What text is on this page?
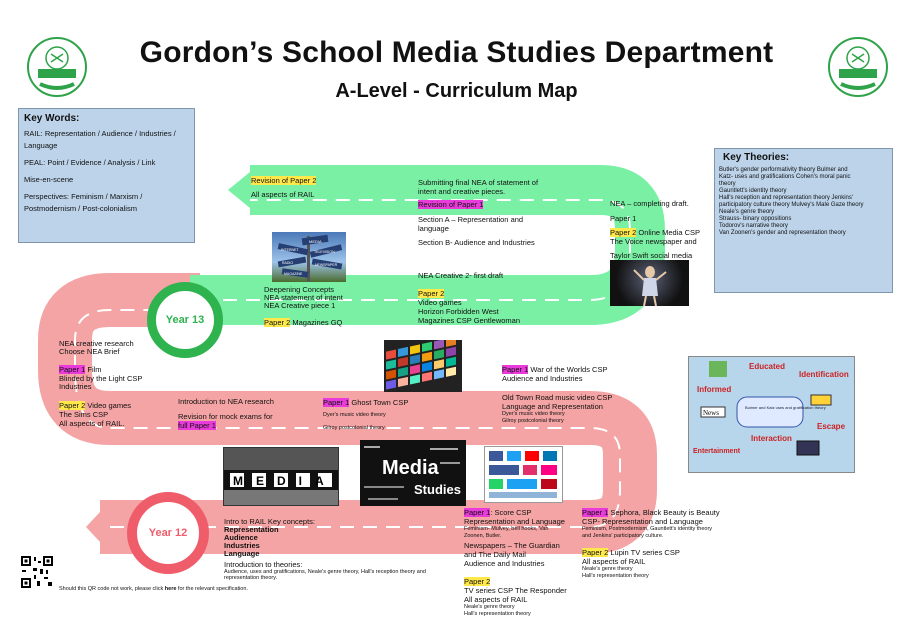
Gordon’s School Media Studies Department
A-Level - Curriculum Map
Key Words:
RAIL: Representation / Audience / Industries /
Language
PEAL: Point / Evidence / Analysis / Link
Mise-en-scene
Perspectives: Feminism / Marxism /
Postmodernism / Post-colonialism
Key Theories:
Butler's gender performativity theory Bulmer and
Katz- uses and gratifications Cohen's moral panic
theory
Gauntlett's identity theory
Hall's reception and representation theory Jenkins'
participatory culture theory Mulvey's Male Gaze theory
Neale's genre theory
Strauss- binary oppositions
Todorov's narrative theory
Van Zoonen's gender and representation theory
Year 13
Year 12
MEDIA
INTERNET	TELEVISION
RADIO	NEWSPAPER
MAGAZINE
Bulmer and Katz uses and gratification theory
Informed
Educated
Identification
Interaction
Entertainment
Escape
News
MEDIA
Media
Studies
Should this QR code not work, please click here for the relevant specification.
Revision of Paper 2
All aspects of RAIL
Submitting final NEA of statement of
intent and creative pieces.
Revision of Paper 1
Section A – Representation and
language
Section B- Audience and Industries
NEA – completing draft.
Paper 1
Paper 2 Online Media CSP
The Voice newspaper and
Taylor Swift social media
NEA Creative 2- first draft
Deepening Concepts
NEA statement of intent
NEA Creative piece 1
Paper 2 Magazines GQ
Paper 2
Video games
Horizon Forbidden West
Magazines CSP Gentlewoman
NEA creative research
Choose NEA Brief
Paper 1 Film
Blinded by the Light CSP
Industries
Paper 2 Video games
The Sims CSP
All aspects of RAIL.
Introduction to NEA research
Revision for mock exams for
full Paper 1
Paper 1 Ghost Town CSP
Dyer's music video theory
Gilroy postcolonial theory
Paper 1 War of the Worlds CSP
Audience and Industries
Old Town Road music video CSP
Language and Representation
Dyer's music video theory
Gilroy postcolonial theory
Intro to RAIL Key concepts:
Representation
Audience
Industries
Language
Introduction to theories:
Audience, uses and gratifications, Neale's genre theory, Hall's reception theory and
representation theory.
Paper 1: Score CSP
Representation and Language
Feminism- Mulvey, bell hooks, Van
Zoonen, Butler.
Newspapers – The Guardian
and The Daily Mail
Audience and Industries
Paper 2
TV series CSP The Responder
All aspects of RAIL
Neale's genre theory
Hall's representation theory
Paper 1 Sephora, Black Beauty is Beauty
CSP- Representation and Language
Feminism, Postmodernism, Gauntlett's identity theory
and Jenkins' participatory culture.
Paper 2 Lupin TV series CSP
All aspects of RAIL
Neale's genre theory
Hall's representation theory
